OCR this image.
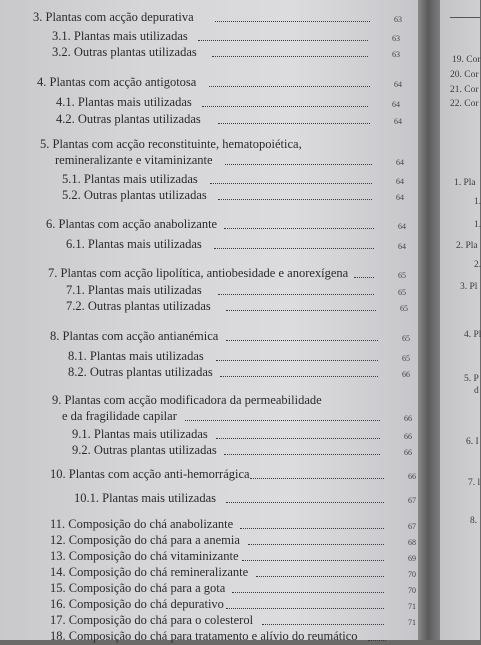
3. Plantas com acção depurativa	63
3.1. Plantas mais utilizadas	63
3.2. Outras plantas utilizadas	63
4. Plantas com acção antigotosa	64
4.1. Plantas mais utilizadas	64
4.2. Outras plantas utilizadas	64
5. Plantas com acção reconstituinte, hematopoiética,
remineralizante e vitaminizante	64
5.1. Plantas mais utilizadas	64
5.2. Outras plantas utilizadas	64
6. Plantas com acção anabolizante	64
6.1. Plantas mais utilizadas	64
7. Plantas com acção lipolítica, antiobesidade e anorexígena	65
7.1. Plantas mais utilizadas	65
7.2. Outras plantas utilizadas	65
8. Plantas com acção antianémica	65
8.1. Plantas mais utilizadas	65
8.2. Outras plantas utilizadas	66
9. Plantas com acção modificadora da permeabilidade
e da fragilidade capilar	66
9.1. Plantas mais utilizadas	66
9.2. Outras plantas utilizadas	66
10. Plantas com acção anti-hemorrágica	66
10.1. Plantas mais utilizadas	67
11. Composição do chá anabolizante	67
12. Composição do chá para a anemia	68
13. Composição do chá vitaminizante	69
14. Composição do chá remineralizante	70
15. Composição do chá para a gota	70
16. Composição do chá depurativo	71
17. Composição do chá para o colesterol	71
18. Composição do chá para tratamento e alívio do reumático
19. Cor
20. Cor
21. Cor
22. Cor
1. Pla
1.
1.
2. Pla
2.
3. Pl
4. Pl
5. P
d
6. I
7. l
8.
